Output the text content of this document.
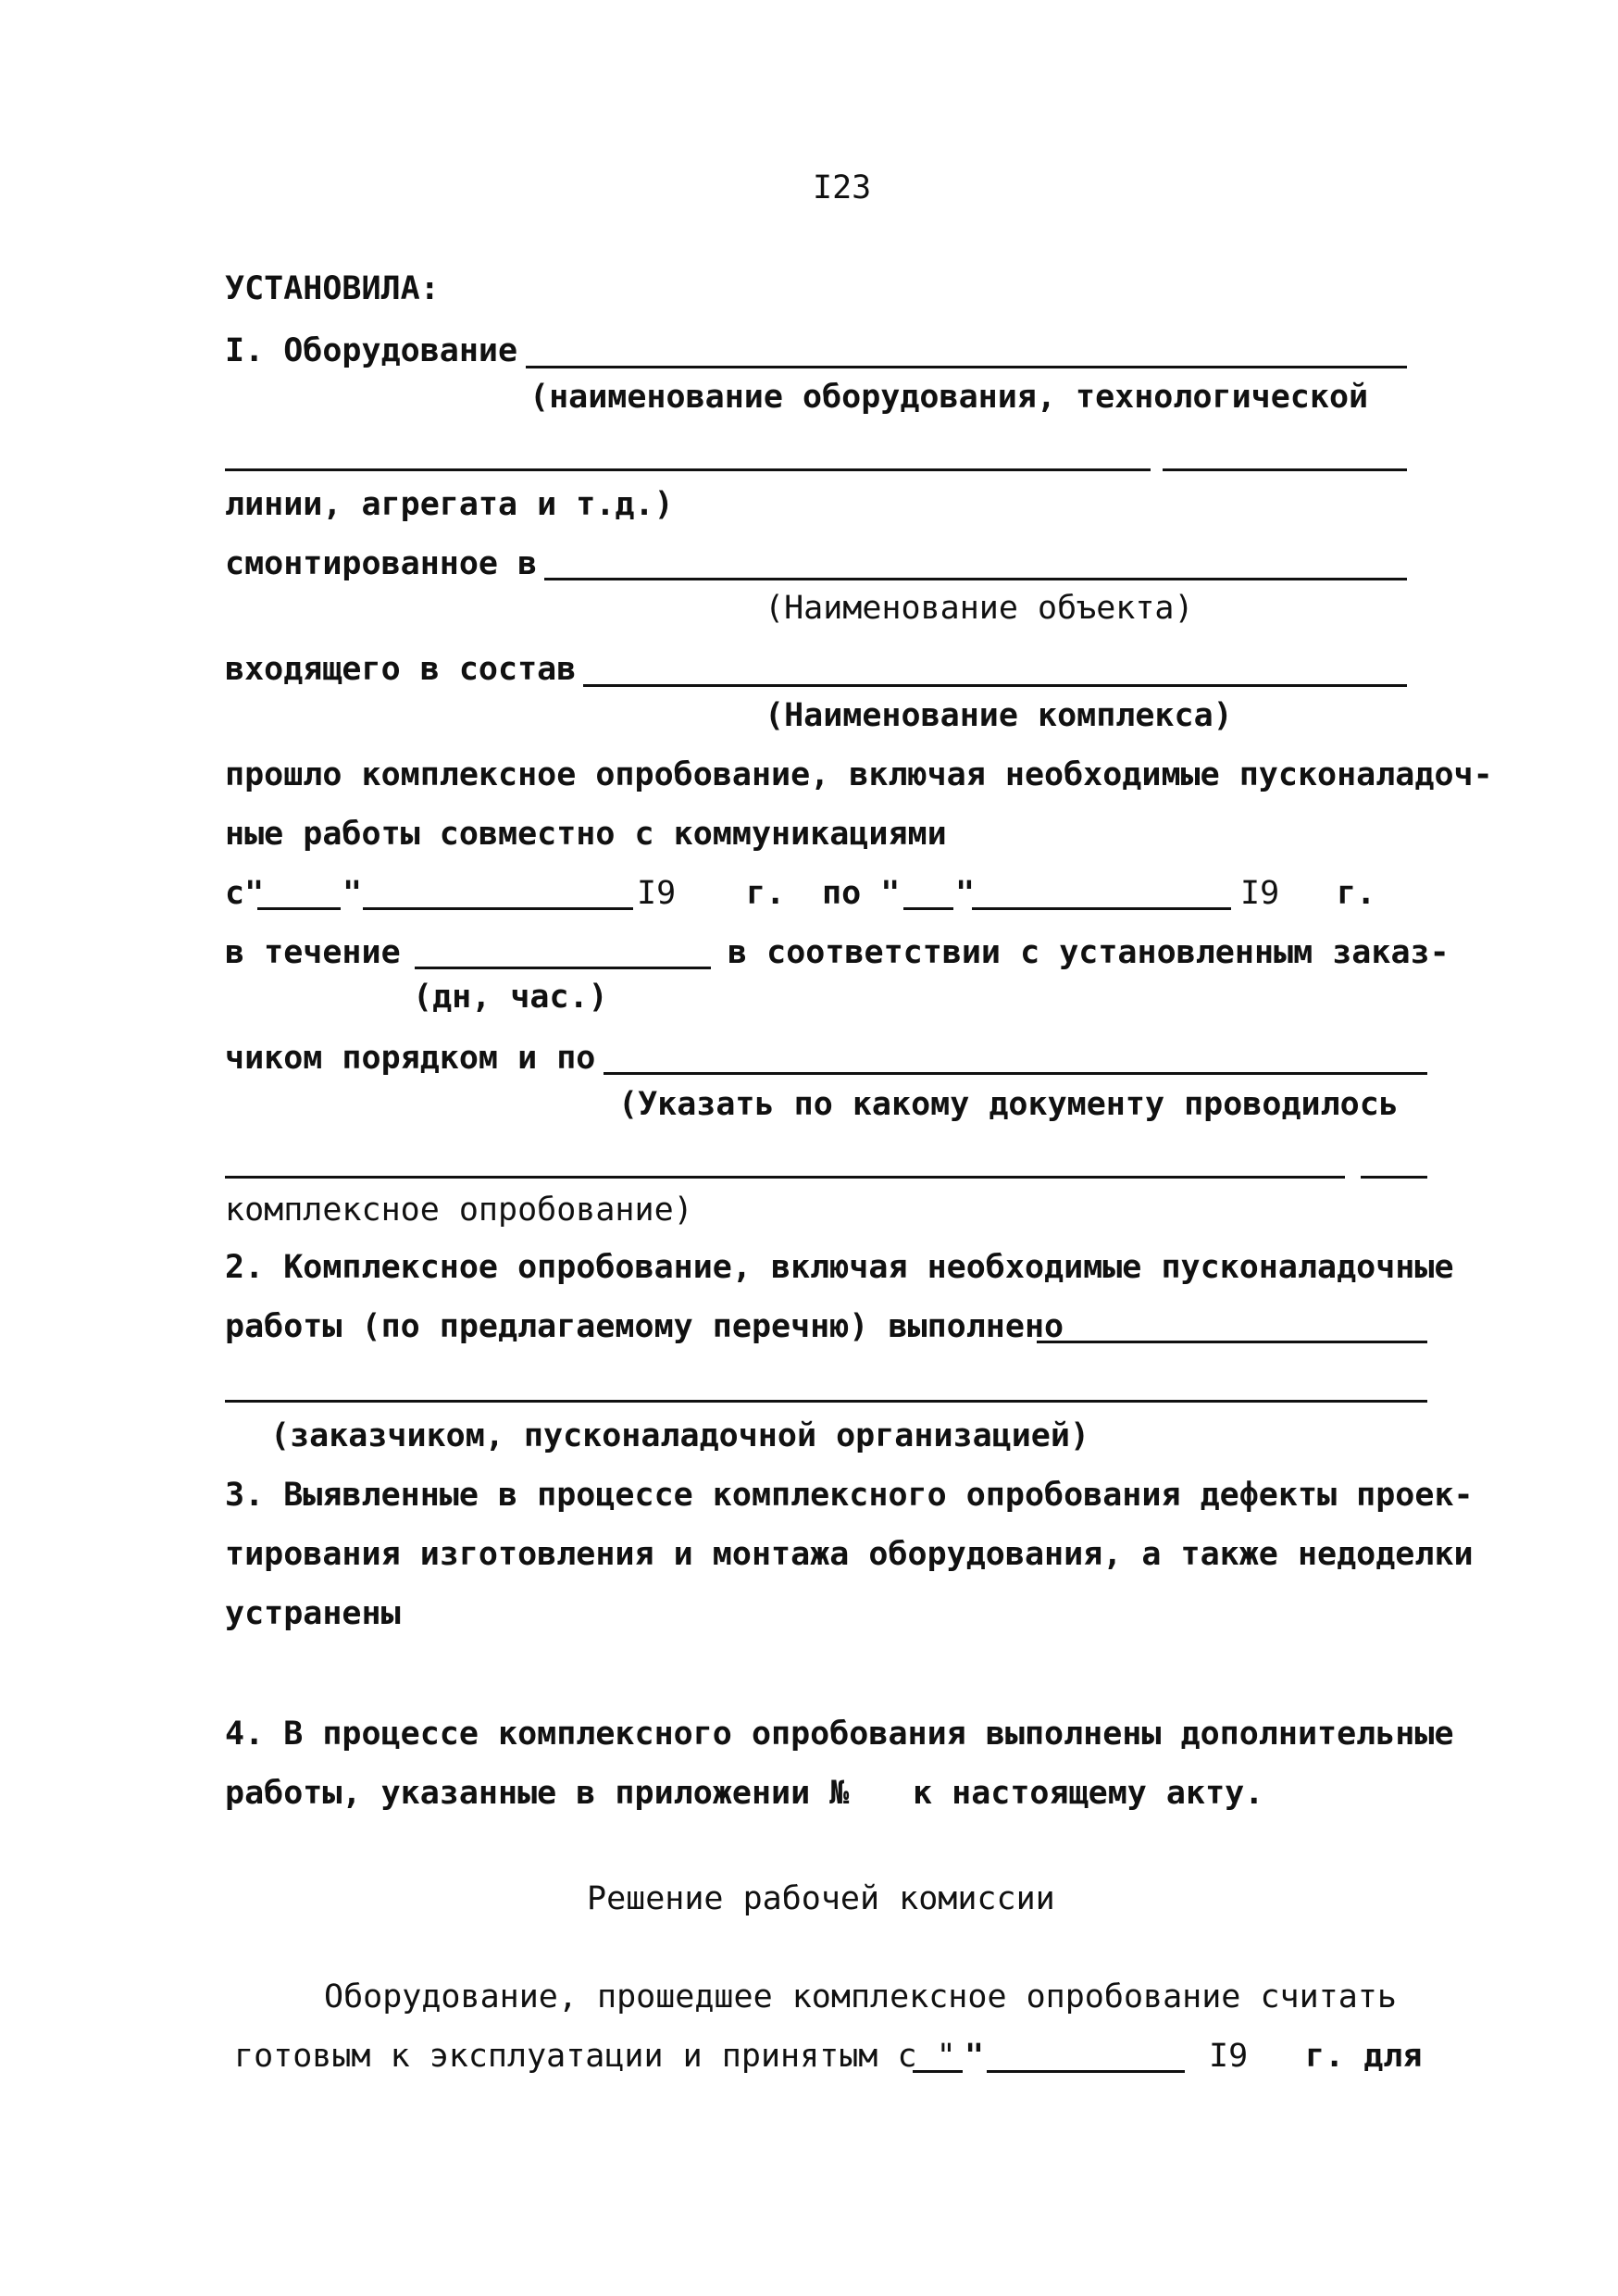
I23
УСТАНОВИЛА:
I. Оборудование
(наименование оборудования, технологической
линии, агрегата и т.д.)
смонтированное в
(Наименование объекта)
входящего в состав
(Наименование комплекса)
прошло комплексное опробование, включая необходимые пусконаладоч-
ные работы совместно с коммуникациями
с" "	I9 г. по " "	I9 г.
в течение	в соответствии с установленным заказ-
(дн, час.)
чиком порядком и по
(Указать по какому документу проводилось
комплексное опробование)
2. Комплексное опробование, включая необходимые пусконаладочные
работы (по предлагаемому перечню) выполнено
(заказчиком, пусконаладочной организацией)
3. Выявленные в процессе комплексного опробования дефекты проек-
тирования изготовления и монтажа оборудования, а также недоделки
устранены
4. В процессе комплексного опробования выполнены дополнительные
работы, указанные в приложении № к настоящему акту.
Решение рабочей комиссии
Оборудование, прошедшее комплексное опробование считать
готовым к эксплуатации и принятым с " "	I9 г. для
